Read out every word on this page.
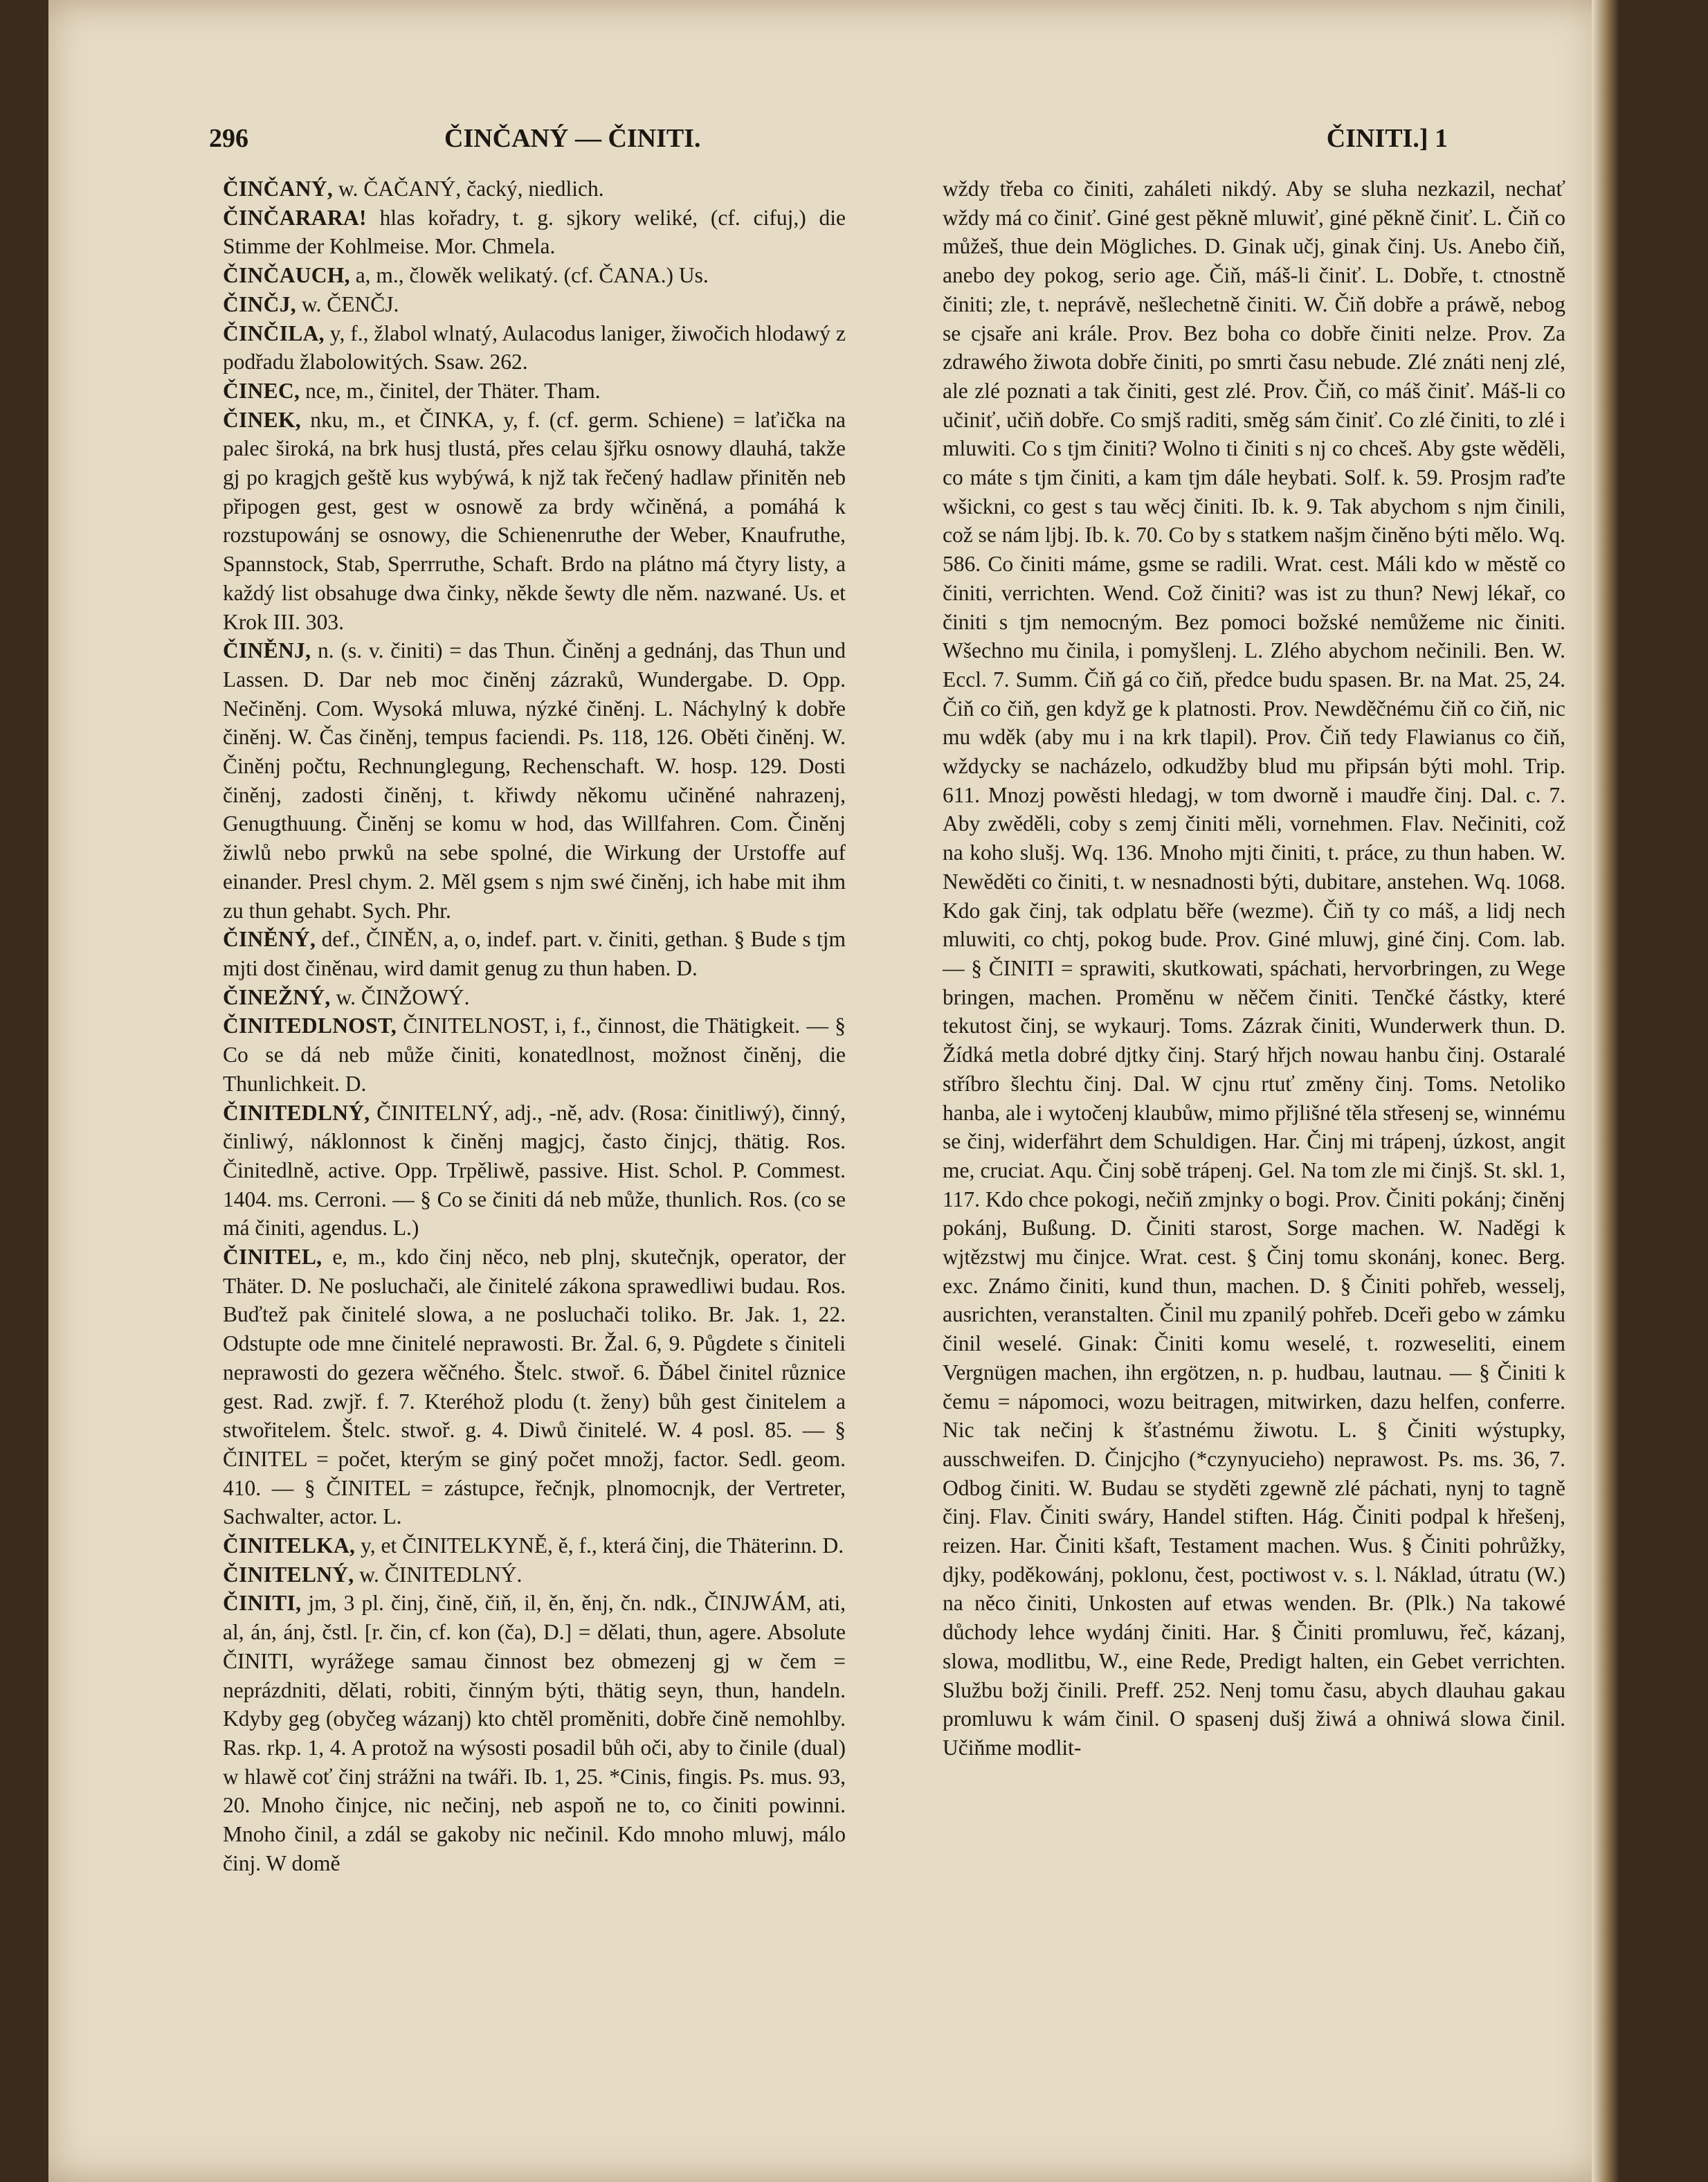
296	ČINČANÝ — ČINITI.	ČINITI.] 1

ČINČANÝ, w. ČAČANÝ, čacký, niedlich.

ČINČARARA! hlas kořadry, t. g. sjkory weliké, (cf. cifuj,) die Stimme der Kohlmeise. Mor. Chmela.

ČINČAUCH, a, m., člowěk welikatý. (cf. ČANA.) Us.

ČINČJ, w. ČENČJ.

ČINČILA, y, f., žlabol wlnatý, Aulacodus laniger, žiwočich hlodawý z podřadu žlabolowitých. Ssaw. 262.

ČINEC, nce, m., činitel, der Thäter. Tham.

ČINEK, nku, m., et ČINKA, y, f. (cf. germ. Schiene) = laťička na palec široká, na brk husj tlustá, přes celau šjřku osnowy dlauhá, takže gj po kragjch geště kus wybýwá, k njž tak řečený hadlaw přinitěn neb připogen gest, gest w osnowě za brdy wčiněná, a pomáhá k rozstupowánj se osnowy, die Schienenruthe der Weber, Knaufruthe, Spannstock, Stab, Sperrruthe, Schaft. Brdo na plátno má čtyry listy, a každý list obsahuge dwa činky, někde šewty dle něm. nazwané. Us. et Krok III. 303.

ČINĚNJ, n. (s. v. činiti) = das Thun. Činěnj a gednánj, das Thun und Lassen. D. Dar neb moc činěnj zázraků, Wundergabe. D. Opp. Nečiněnj. Com. Wysoká mluwa, nýzké činěnj. L. Náchylný k dobře činěnj. W. Čas činěnj, tempus faciendi. Ps. 118, 126. Oběti činěnj. W. Činěnj počtu, Rechnunglegung, Rechenschaft. W. hosp. 129. Dosti činěnj, zadosti činěnj, t. křiwdy někomu učiněné nahrazenj, Genugthuung. Činěnj se komu w hod, das Willfahren. Com. Činěnj žiwlů nebo prwků na sebe spolné, die Wirkung der Urstoffe auf einander. Presl chym. 2. Měl gsem s njm swé činěnj, ich habe mit ihm zu thun gehabt. Sych. Phr.

ČINĚNÝ, def., ČINĚN, a, o, indef. part. v. činiti, gethan. § Bude s tjm mjti dost činěnau, wird damit genug zu thun haben. D.

ČINEŽNÝ, w. ČINŽOWÝ.

ČINITEDLNOST, ČINITELNOST, i, f., činnost, die Thätigkeit. — § Co se dá neb může činiti, konatedlnost, možnost činěnj, die Thunlichkeit. D.

ČINITEDLNÝ, ČINITELNÝ, adj., -ně, adv. (Rosa: činitliwý), činný, činliwý, náklonnost k činěnj magjcj, často činjcj, thätig. Ros. Činitedlně, active. Opp. Trpěliwě, passive. Hist. Schol. P. Commest. 1404. ms. Cerroni. — § Co se činiti dá neb může, thunlich. Ros. (co se má činiti, agendus. L.)

ČINITEL, e, m., kdo činj něco, neb plnj, skutečnjk, operator, der Thäter. D. Ne posluchači, ale činitelé zákona sprawedliwi budau. Ros. Buďtež pak činitelé slowa, a ne posluchači toliko. Br. Jak. 1, 22. Odstupte ode mne činitelé neprawosti. Br. Žal. 6, 9. Půgdete s činiteli neprawosti do gezera wěčného. Štelc. stwoř. 6. Ďábel činitel různice gest. Rad. zwjř. f. 7. Kteréhož plodu (t. ženy) bůh gest činitelem a stwořitelem. Štelc. stwoř. g. 4. Diwů činitelé. W. 4 posl. 85. — § ČINITEL = počet, kterým se giný počet množj, factor. Sedl. geom. 410. — § ČINITEL = zástupce, řečnjk, plnomocnjk, der Vertreter, Sachwalter, actor. L.

ČINITELKA, y, et ČINITELKYNĚ, ě, f., která činj, die Thäterinn. D.

ČINITELNÝ, w. ČINITEDLNÝ.

ČINITI, jm, 3 pl. činj, čině, čiň, il, ěn, ěnj, čn. ndk., ČINJWÁM, ati, al, án, ánj, čstl. [r. čin, cf. kon (ča), D.] = dělati, thun, agere. Absolute ČINITI, wyrážege samau činnost bez obmezenj gj w čem = neprázdniti, dělati, robiti, činným býti, thätig seyn, thun, handeln. Kdyby geg (obyčeg wázanj) kto chtěl proměniti, dobře čině nemohlby. Ras. rkp. 1, 4. A protož na wýsosti posadil bůh oči, aby to činile (dual) w hlawě coť činj strážni na twáři. Ib. 1, 25. *Cinis, fingis. Ps. mus. 93, 20. Mnoho činjce, nic nečinj, neb aspoň ne to, co činiti powinni. Mnoho činil, a zdál se gakoby nic nečinil. Kdo mnoho mluwj, málo činj. W domě

wždy třeba co činiti, zaháleti nikdý. Aby se sluha nezkazil, nechať wždy má co činiť. Giné gest pěkně mluwiť, giné pěkně činiť. L. Čiň co můžeš, thue dein Mögliches. D. Ginak učj, ginak činj. Us. Anebo čiň, anebo dey pokog, serio age. Čiň, máš-li činiť. L. Dobře, t. ctnostně činiti; zle, t. neprávě, nešlechetně činiti. W. Čiň dobře a práwě, nebog se cjsaře ani krále. Prov. Bez boha co dobře činiti nelze. Prov. Za zdrawého žiwota dobře činiti, po smrti času nebude. Zlé znáti nenj zlé, ale zlé poznati a tak činiti, gest zlé. Prov. Čiň, co máš činiť. Máš-li co učiniť, učiň dobře. Co smjš raditi, směg sám činiť. Co zlé činiti, to zlé i mluwiti. Co s tjm činiti? Wolno ti činiti s nj co chceš. Aby gste wěděli, co máte s tjm činiti, a kam tjm dále heybati. Solf. k. 59. Prosjm raďte wšickni, co gest s tau wěcj činiti. Ib. k. 9. Tak abychom s njm činili, což se nám ljbj. Ib. k. 70. Co by s statkem našjm činěno býti mělo. Wq. 586. Co činiti máme, gsme se radili. Wrat. cest. Máli kdo w městě co činiti, verrichten. Wend. Což činiti? was ist zu thun? Newj lékař, co činiti s tjm nemocným. Bez pomoci božské nemůžeme nic činiti. Wšechno mu činila, i pomyšlenj. L. Zlého abychom nečinili. Ben. W. Eccl. 7. Summ. Čiň gá co čiň, předce budu spasen. Br. na Mat. 25, 24. Čiň co čiň, gen když ge k platnosti. Prov. Newděčnému čiň co čiň, nic mu wděk (aby mu i na krk tlapil). Prov. Čiň tedy Flawianus co čiň, wždycky se nacházelo, odkudžby blud mu připsán býti mohl. Trip. 611. Mnozj powěsti hledagj, w tom dworně i maudře činj. Dal. c. 7. Aby zwěděli, coby s zemj činiti měli, vornehmen. Flav. Nečiniti, což na koho slušj. Wq. 136. Mnoho mjti činiti, t. práce, zu thun haben. W. Newěděti co činiti, t. w nesnadnosti býti, dubitare, anstehen. Wq. 1068. Kdo gak činj, tak odplatu běře (wezme). Čiň ty co máš, a lidj nech mluwiti, co chtj, pokog bude. Prov. Giné mluwj, giné činj. Com. lab. — § ČINITI = sprawiti, skutkowati, spáchati, hervorbringen, zu Wege bringen, machen. Proměnu w něčem činiti. Tenčké částky, které tekutost činj, se wykaurj. Toms. Zázrak činiti, Wunderwerk thun. D. Žídká metla dobré djtky činj. Starý hřjch nowau hanbu činj. Ostaralé stříbro šlechtu činj. Dal. W cjnu rtuť změny činj. Toms. Netoliko hanba, ale i wytočenj klaubůw, mimo přjlišné těla střesenj se, winnému se činj, widerfährt dem Schuldigen. Har. Činj mi trápenj, úzkost, angit me, cruciat. Aqu. Činj sobě trápenj. Gel. Na tom zle mi činjš. St. skl. 1, 117. Kdo chce pokogi, nečiň zmjnky o bogi. Prov. Činiti pokánj; činěnj pokánj, Bußung. D. Činiti starost, Sorge machen. W. Naděgi k wjtězstwj mu činjce. Wrat. cest. § Činj tomu skonánj, konec. Berg. exc. Známo činiti, kund thun, machen. D. § Činiti pohřeb, wesselj, ausrichten, veranstalten. Činil mu zpanilý pohřeb. Dceři gebo w zámku činil weselé. Ginak: Činiti komu weselé, t. rozweseliti, einem Vergnügen machen, ihn ergötzen, n. p. hudbau, lautnau. — § Činiti k čemu = nápomoci, wozu beitragen, mitwirken, dazu helfen, conferre. Nic tak nečinj k šťastnému žiwotu. L. § Činiti wýstupky, ausschweifen. D. Činjcjho (*czynyucieho) neprawost. Ps. ms. 36, 7. Odbog činiti. W. Budau se styděti zgewně zlé páchati, nynj to tagně činj. Flav. Činiti swáry, Handel stiften. Hág. Činiti podpal k hřešenj, reizen. Har. Činiti kšaft, Testament machen. Wus. § Činiti pohrůžky, djky, poděkowánj, poklonu, čest, poctiwost v. s. l. Náklad, útratu (W.) na něco činiti, Unkosten auf etwas wenden. Br. (Plk.) Na takowé důchody lehce wydánj činiti. Har. § Činiti promluwu, řeč, kázanj, slowa, modlitbu, W., eine Rede, Predigt halten, ein Gebet verrichten. Službu božj činili. Preff. 252. Nenj tomu času, abych dlauhau gakau promluwu k wám činil. O spasenj dušj žiwá a ohniwá slowa činil. Učiňme modlit-
